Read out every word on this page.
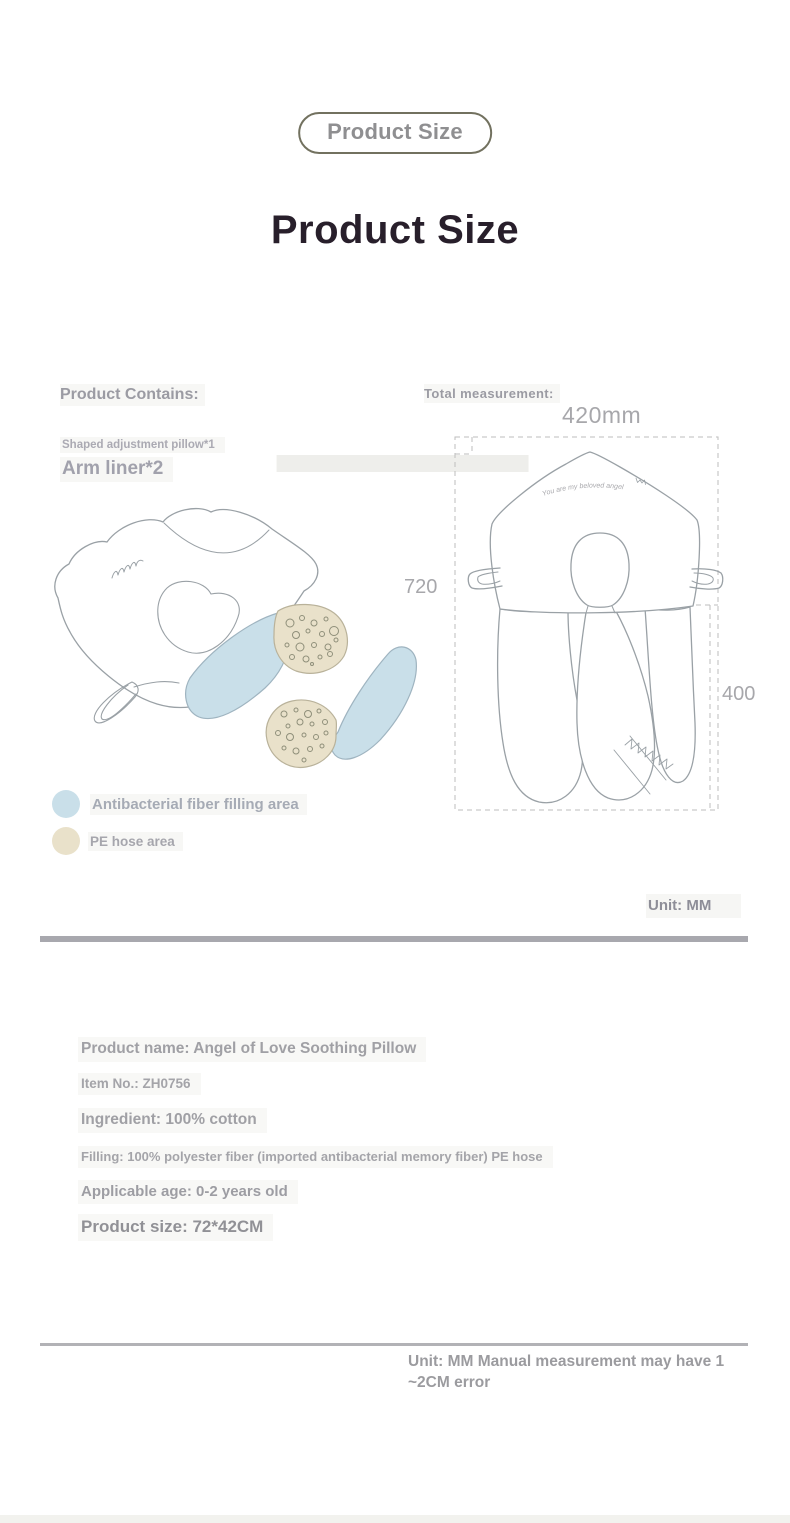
Product Size
Product Size
Product Contains:
Shaped adjustment pillow*1
Arm liner*2
Antibacterial fiber filling area
PE hose area
Total measurement:
420mm
720
400
You are my beloved angel
Unit: MM
Product name: Angel of Love Soothing Pillow
Item No.: ZH0756
Ingredient: 100% cotton
Filling: 100% polyester fiber (imported antibacterial memory fiber) PE hose
Applicable age: 0-2 years old
Product size: 72*42CM
Unit: MM Manual measurement may have 1 ~2CM error
